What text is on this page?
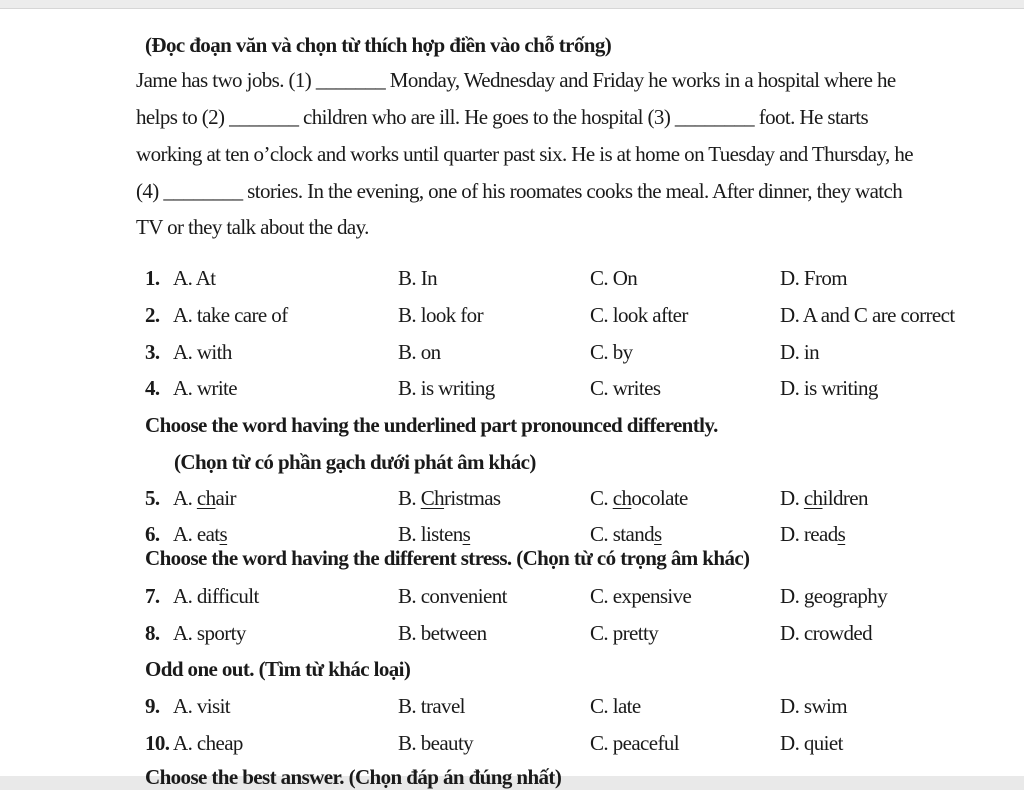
(Đọc đoạn văn và chọn từ thích hợp điền vào chỗ trống)
Jame has two jobs. (1) _______ Monday, Wednesday and Friday he works in a hospital where he
helps to (2) _______ children who are ill. He goes to the hospital (3) ________ foot. He starts
working at ten o’clock and works until quarter past six. He is at home on Tuesday and Thursday, he
(4) ________ stories. In the evening, one of his roomates cooks the meal. After dinner, they watch
TV or they talk about the day.
1. A. At	B. In	C. On	D. From
2. A. take care of	B. look for	C. look after	D. A and C are correct
3. A. with	B. on	C. by	D. in
4. A. write	B. is writing	C. writes	D. is writing
Choose the word having the underlined part pronounced differently.
(Chọn từ có phần gạch dưới phát âm khác)
5. A. chair	B. Christmas	C. chocolate	D. children
6. A. eats	B. listens	C. stands	D. reads
Choose the word having the different stress. (Chọn từ có trọng âm khác)
7. A. difficult	B. convenient	C. expensive	D. geography
8. A. sporty	B. between	C. pretty	D. crowded
Odd one out. (Tìm từ khác loại)
9. A. visit	B. travel	C. late	D. swim
10. A. cheap	B. beauty	C. peaceful	D. quiet
Choose the best answer. (Chọn đáp án đúng nhất)
